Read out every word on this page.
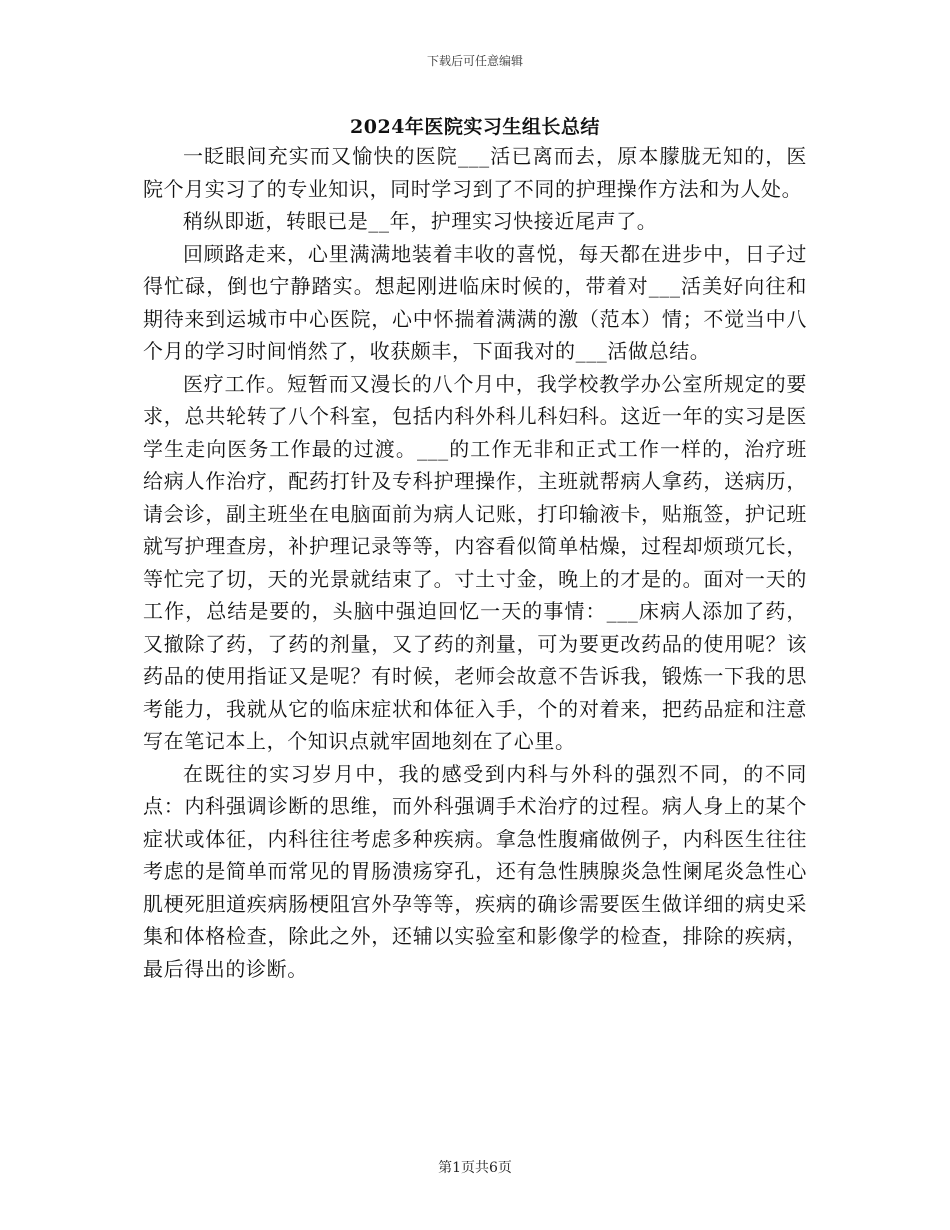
下载后可任意编辑
2024年医院实习生组长总结

一眨眼间充实而又愉快的医院___活已离而去，原本朦胧无知的，医院个月实习了的专业知识，同时学习到了不同的护理操作方法和为人处。

稍纵即逝，转眼已是__年，护理实习快接近尾声了。

回顾路走来，心里满满地装着丰收的喜悦，每天都在进步中，日子过得忙碌，倒也宁静踏实。想起刚进临床时候的，带着对___活美好向往和期待来到运城市中心医院，心中怀揣着满满的激（范本）情；不觉当中八个月的学习时间悄然了，收获颇丰，下面我对的___活做总结。

医疗工作。短暂而又漫长的八个月中，我学校教学办公室所规定的要求，总共轮转了八个科室，包括内科外科儿科妇科。这近一年的实习是医学生走向医务工作最的过渡。___的工作无非和正式工作一样的，治疗班给病人作治疗，配药打针及专科护理操作，主班就帮病人拿药，送病历，请会诊，副主班坐在电脑面前为病人记账，打印输液卡，贴瓶签，护记班就写护理查房，补护理记录等等，内容看似简单枯燥，过程却烦琐冗长，等忙完了切，天的光景就结束了。寸土寸金，晚上的才是的。面对一天的工作，总结是要的，头脑中强迫回忆一天的事情：___床病人添加了药，又撤除了药，了药的剂量，又了药的剂量，可为要更改药品的使用呢？该药品的使用指证又是呢？有时候，老师会故意不告诉我，锻炼一下我的思考能力，我就从它的临床症状和体征入手，个的对着来，把药品症和注意写在笔记本上，个知识点就牢固地刻在了心里。

在既往的实习岁月中，我的感受到内科与外科的强烈不同，的不同点：内科强调诊断的思维，而外科强调手术治疗的过程。病人身上的某个症状或体征，内科往往考虑多种疾病。拿急性腹痛做例子，内科医生往往考虑的是简单而常见的胃肠溃疡穿孔，还有急性胰腺炎急性阑尾炎急性心肌梗死胆道疾病肠梗阻宫外孕等等，疾病的确诊需要医生做详细的病史采集和体格检查，除此之外，还辅以实验室和影像学的检查，排除的疾病，最后得出的诊断。

第1页共6页
